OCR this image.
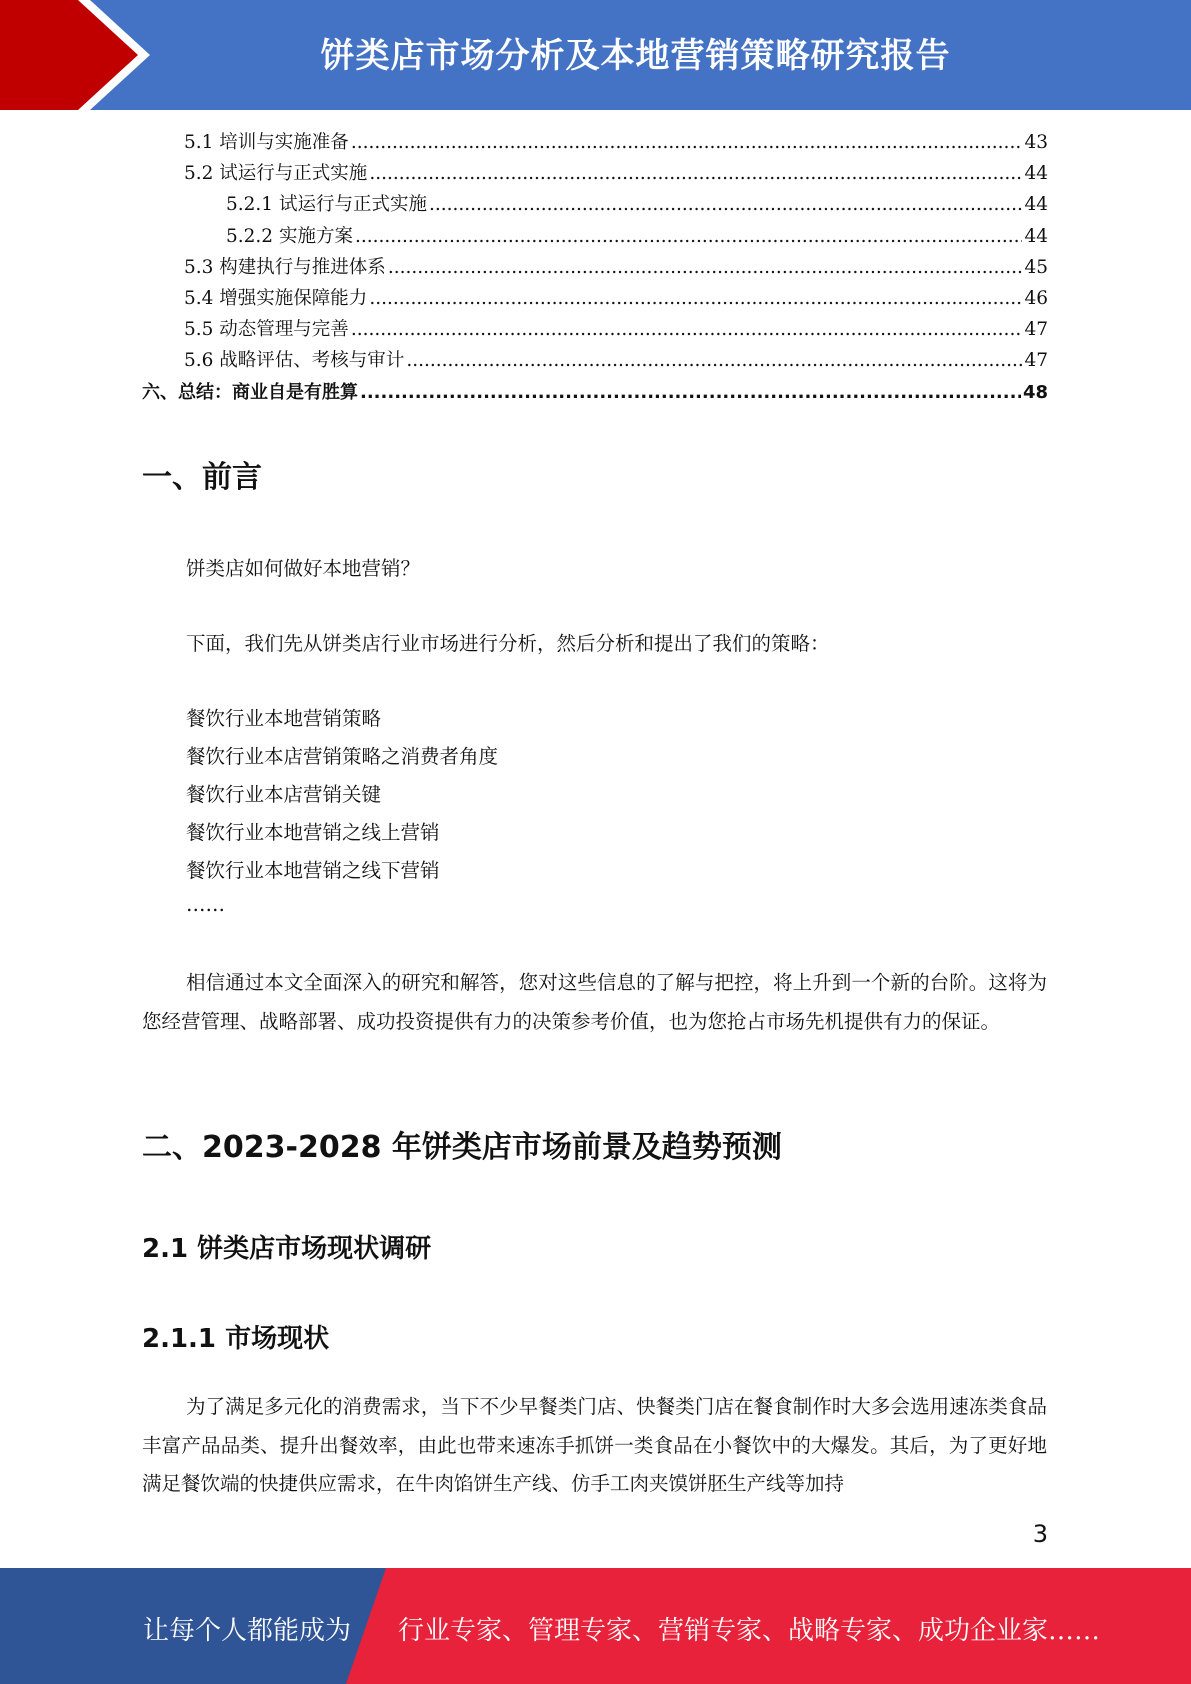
饼类店市场分析及本地营销策略研究报告
5.1 培训与实施准备 .....	43
5.2 试运行与正式实施 .....	44
5.2.1 试运行与正式实施 .....	44
5.2.2 实施方案 .....	44
5.3 构建执行与推进体系 .....	45
5.4 增强实施保障能力 .....	46
5.5 动态管理与完善 .....	47
5.6 战略评估、考核与审计 .....	47
六、总结：商业自是有胜算 .....	48
一、前言
饼类店如何做好本地营销？
下面，我们先从饼类店行业市场进行分析，然后分析和提出了我们的策略：
餐饮行业本地营销策略
餐饮行业本店营销策略之消费者角度
餐饮行业本店营销关键
餐饮行业本地营销之线上营销
餐饮行业本地营销之线下营销
……
相信通过本文全面深入的研究和解答，您对这些信息的了解与把控，将上升到一个新的台阶。这将为您经营管理、战略部署、成功投资提供有力的决策参考价值，也为您抢占市场先机提供有力的保证。
二、2023-2028 年饼类店市场前景及趋势预测
2.1 饼类店市场现状调研
2.1.1 市场现状
为了满足多元化的消费需求，当下不少早餐类门店、快餐类门店在餐食制作时大多会选用速冻类食品丰富产品品类、提升出餐效率，由此也带来速冻手抓饼一类食品在小餐饮中的大爆发。其后，为了更好地满足餐饮端的快捷供应需求，在牛肉馅饼生产线、仿手工肉夹馍饼胚生产线等加持
3
让每个人都能成为 行业专家、管理专家、营销专家、战略专家、成功企业家……
